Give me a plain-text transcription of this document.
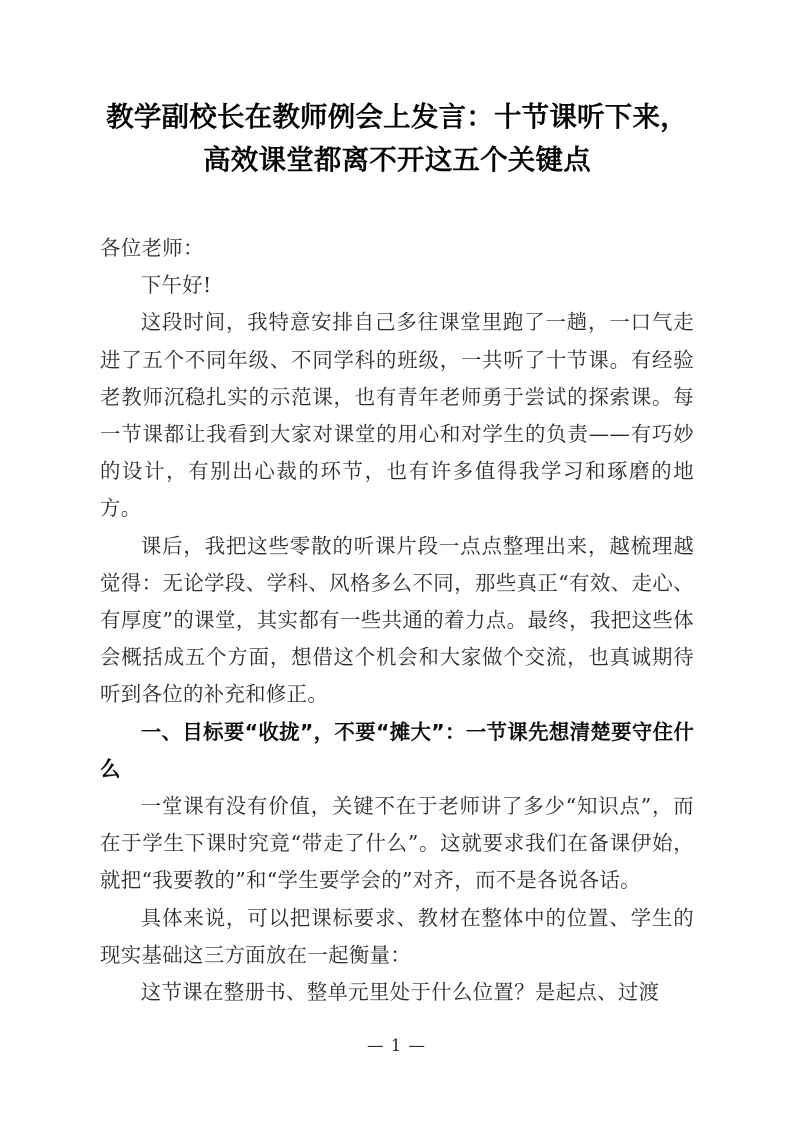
教学副校长在教师例会上发言：十节课听下来，高效课堂都离不开这五个关键点

各位老师：

下午好!

这段时间，我特意安排自己多往课堂里跑了一趟，一口气走进了五个不同年级、不同学科的班级，一共听了十节课。有经验老教师沉稳扎实的示范课，也有青年老师勇于尝试的探索课。每一节课都让我看到大家对课堂的用心和对学生的负责——有巧妙的设计，有别出心裁的环节，也有许多值得我学习和琢磨的地方。

课后，我把这些零散的听课片段一点点整理出来，越梳理越觉得：无论学段、学科、风格多么不同，那些真正“有效、走心、有厚度”的课堂，其实都有一些共通的着力点。最终，我把这些体会概括成五个方面，想借这个机会和大家做个交流，也真诚期待听到各位的补充和修正。

一、目标要“收拢”，不要“摊大”：一节课先想清楚要守住什么

一堂课有没有价值，关键不在于老师讲了多少“知识点”，而在于学生下课时究竟“带走了什么”。这就要求我们在备课伊始，就把“我要教的”和“学生要学会的”对齐，而不是各说各话。

具体来说，可以把课标要求、教材在整体中的位置、学生的现实基础这三方面放在一起衡量：

这节课在整册书、整单元里处于什么位置？是起点、过渡

— 1 —
